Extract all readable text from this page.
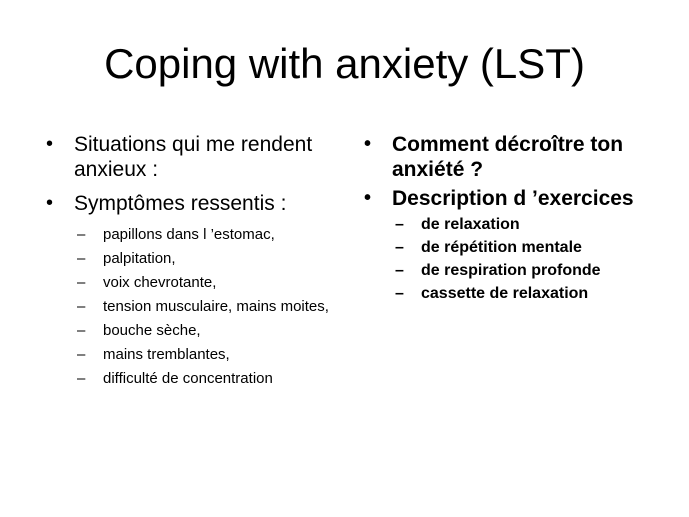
Coping with anxiety (LST)
• Situations qui me rendent anxieux :
• Symptômes ressentis :
– papillons dans l ’estomac,
– palpitation,
– voix chevrotante,
– tension musculaire, mains moites,
– bouche sèche,
– mains tremblantes,
– difficulté de concentration
• Comment décroître ton anxiété ?
• Description d ’exercices
– de relaxation
– de répétition mentale
– de respiration profonde
– cassette de relaxation
